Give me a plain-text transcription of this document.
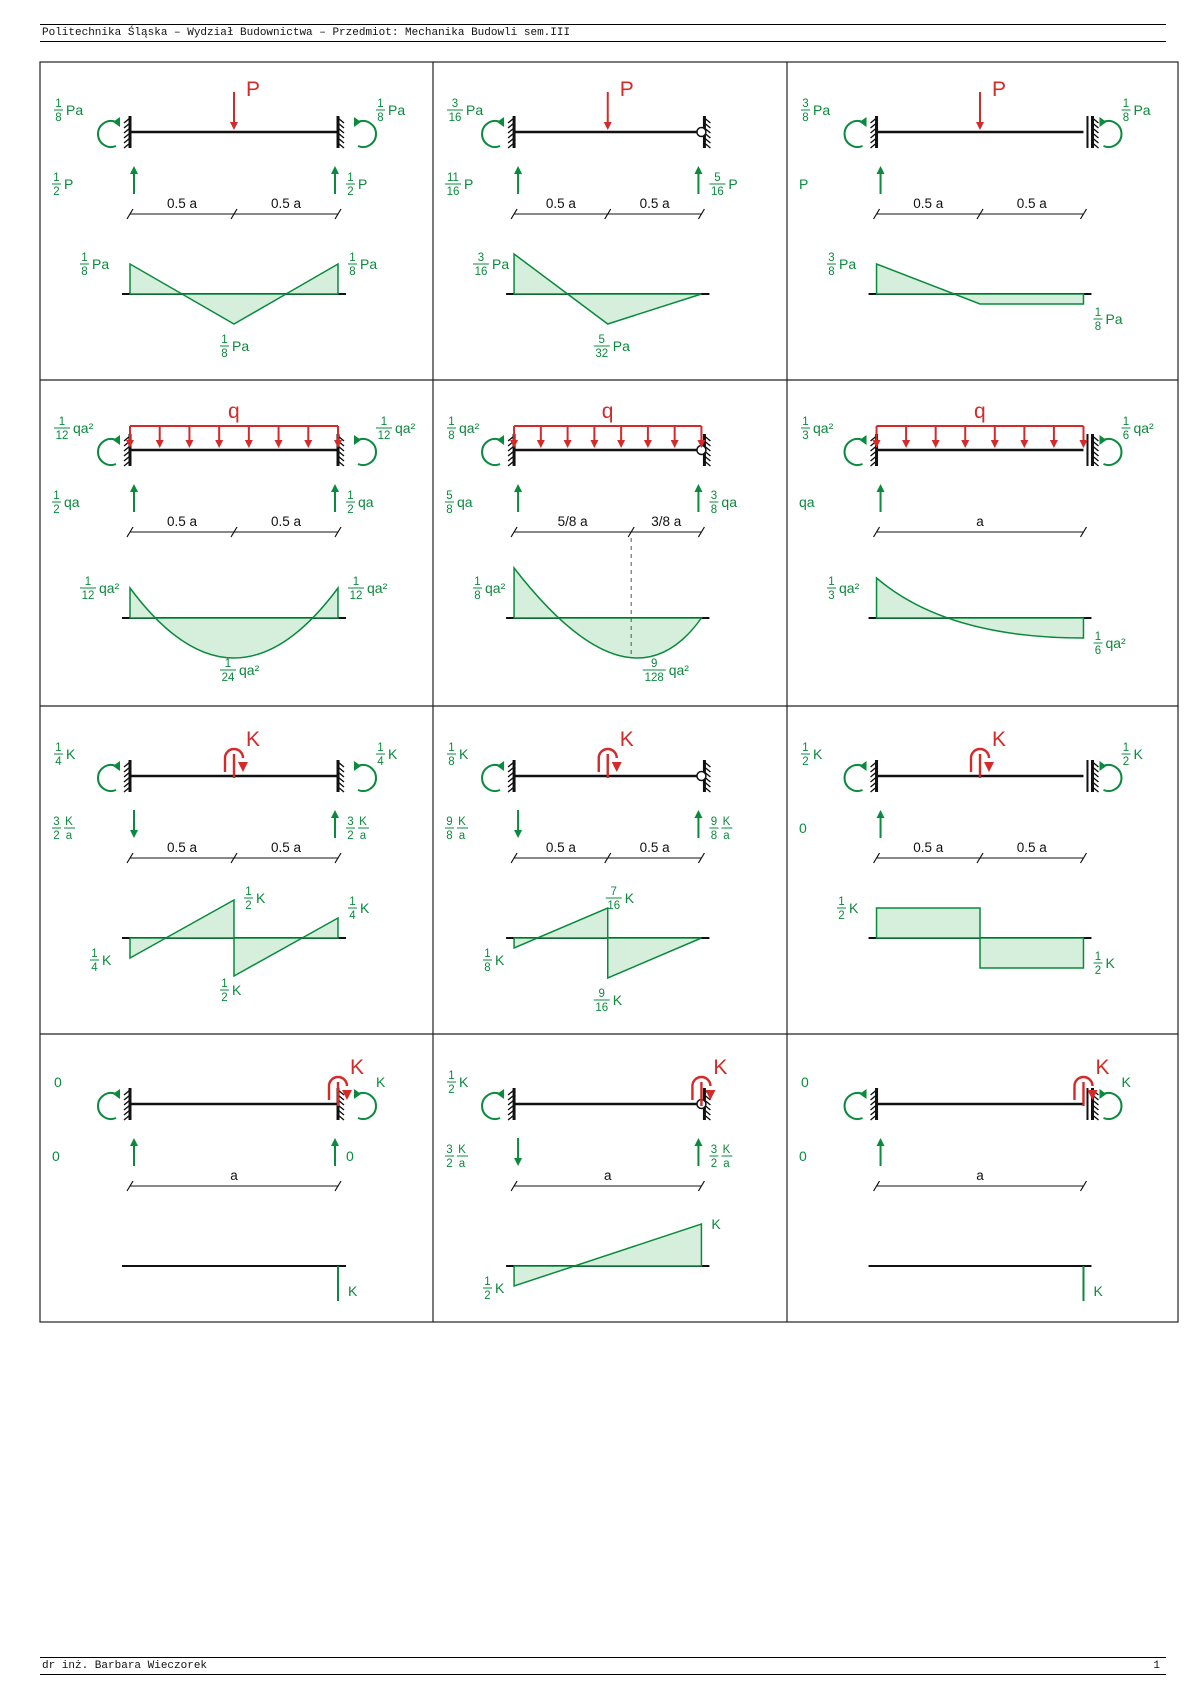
Politechnika Śląska – Wydział Budownictwa – Przedmiot: Mechanika Budowli sem.III
dr inż. Barbara Wieczorek	1
P
1
8 Pa	1
8 Pa
1
2 P	1
2 P
0.5 a	0.5 a
1
8 Pa	1
8 Pa
1
8 Pa
P
3
16 Pa
11
16 P	5
16 P
0.5 a	0.5 a
3
16 Pa
5
32 Pa
P
3
8 Pa	1
8 Pa
P
0.5 a	0.5 a
3
8 Pa
1
8 Pa
q
1
12 qa²	1
12 qa²
1
2 qa	1
2 qa
0.5 a	0.5 a
1
12 qa²	1
12 qa²
1
24 qa²
q
1
8 qa²
5
8 qa	3
8 qa
5/8 a	3/8 a
1
8 qa²
9
128 qa²
q
1
3 qa²	1
6 qa²
qa
a
1
3 qa²
1
6 qa²
K
1
4 K	1
4 K
3
2
K
a
3
2
K
a
0.5 a	0.5 a
1
4 K
1
4 K
1
2 K
1
2 K
K
1
8 K
9
8
K
a
9
8
K
a
0.5 a	0.5 a
1
8 K
9
16 K
7
16 K
K
1
2 K	1
2 K
0
0.5 a	0.5 a
1
2 K
1
2 K
K
0	K
0	0
a
K
K
1
2 K
3
2
K
a
3
2
K
a
a
1
2 K
K
K
0	K
0
a
K
